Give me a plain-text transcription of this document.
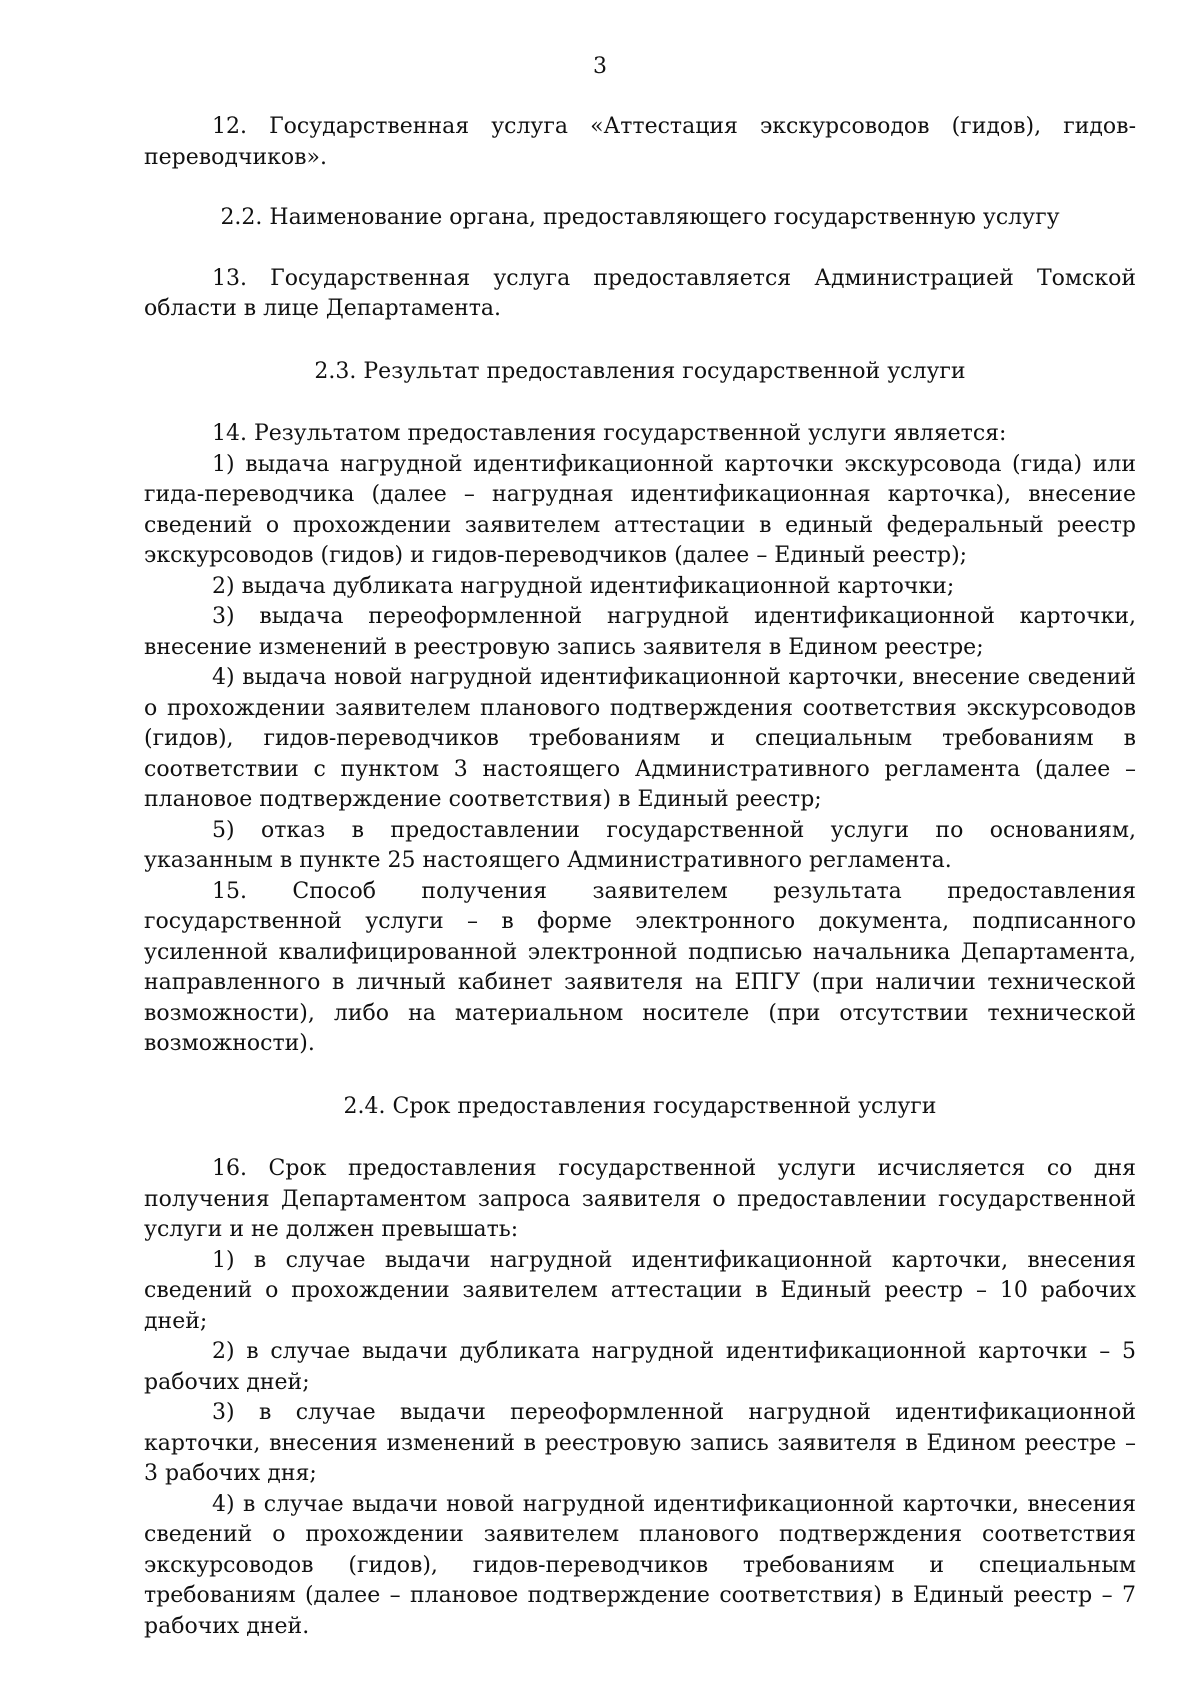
3

12. Государственная услуга «Аттестация экскурсоводов (гидов), гидов-переводчиков».

2.2. Наименование органа, предоставляющего государственную услугу

13. Государственная услуга предоставляется Администрацией Томской области в лице Департамента.

2.3. Результат предоставления государственной услуги

14. Результатом предоставления государственной услуги является:

1) выдача нагрудной идентификационной карточки экскурсовода (гида) или гида-переводчика (далее – нагрудная идентификационная карточка), внесение сведений о прохождении заявителем аттестации в единый федеральный реестр экскурсоводов (гидов) и гидов-переводчиков (далее – Единый реестр);

2) выдача дубликата нагрудной идентификационной карточки;

3) выдача переоформленной нагрудной идентификационной карточки, внесение изменений в реестровую запись заявителя в Едином реестре;

4) выдача новой нагрудной идентификационной карточки, внесение сведений о прохождении заявителем планового подтверждения соответствия экскурсоводов (гидов), гидов-переводчиков требованиям и специальным требованиям в соответствии с пунктом 3 настоящего Административного регламента (далее – плановое подтверждение соответствия) в Единый реестр;

5) отказ в предоставлении государственной услуги по основаниям, указанным в пункте 25 настоящего Административного регламента.

15. Способ получения заявителем результата предоставления государственной услуги – в форме электронного документа, подписанного усиленной квалифицированной электронной подписью начальника Департамента, направленного в личный кабинет заявителя на ЕПГУ (при наличии технической возможности), либо на материальном носителе (при отсутствии технической возможности).

2.4. Срок предоставления государственной услуги

16. Срок предоставления государственной услуги исчисляется со дня получения Департаментом запроса заявителя о предоставлении государственной услуги и не должен превышать:

1) в случае выдачи нагрудной идентификационной карточки, внесения сведений о прохождении заявителем аттестации в Единый реестр – 10 рабочих дней;

2) в случае выдачи дубликата нагрудной идентификационной карточки – 5 рабочих дней;

3) в случае выдачи переоформленной нагрудной идентификационной карточки, внесения изменений в реестровую запись заявителя в Едином реестре – 3 рабочих дня;

4) в случае выдачи новой нагрудной идентификационной карточки, внесения сведений о прохождении заявителем планового подтверждения соответствия экскурсоводов (гидов), гидов-переводчиков требованиям и специальным требованиям (далее – плановое подтверждение соответствия) в Единый реестр – 7 рабочих дней.
